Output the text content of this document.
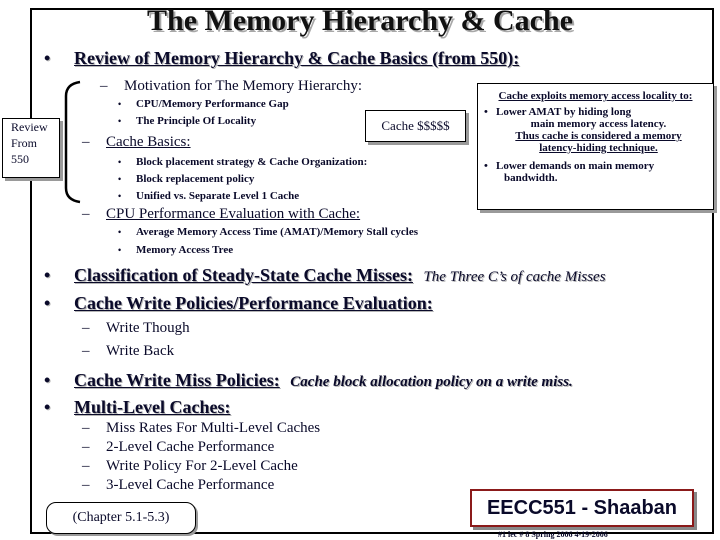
The Memory Hierarchy & Cache
• Review of Memory Hierarchy & Cache Basics (from 550):
– Motivation for The Memory Hierarchy:
• CPU/Memory Performance Gap
• The Principle Of Locality
– Cache Basics:
• Block placement strategy & Cache Organization:
• Block replacement policy
• Unified vs. Separate Level 1 Cache
– CPU Performance Evaluation with Cache:
• Average Memory Access Time (AMAT)/Memory Stall cycles
• Memory Access Tree
Review
From
550
Cache $$$$$
Cache exploits memory access locality to:
• Lower AMAT by hiding long
main memory access latency.
Thus cache is considered a memory
latency-hiding technique.
• Lower demands on main memory
bandwidth.
• Classification of Steady-State Cache Misses: The Three C’s of cache Misses
• Cache Write Policies/Performance Evaluation:
– Write Though
– Write Back
• Cache Write Miss Policies: Cache block allocation policy on a write miss.
• Multi-Level Caches:
– Miss Rates For Multi-Level Caches
– 2-Level Cache Performance
– Write Policy For 2-Level Cache
– 3-Level Cache Performance
(Chapter 5.1-5.3)	EECC551 - Shaaban
#1 lec # 8 Spring 2006 4-19-2006
